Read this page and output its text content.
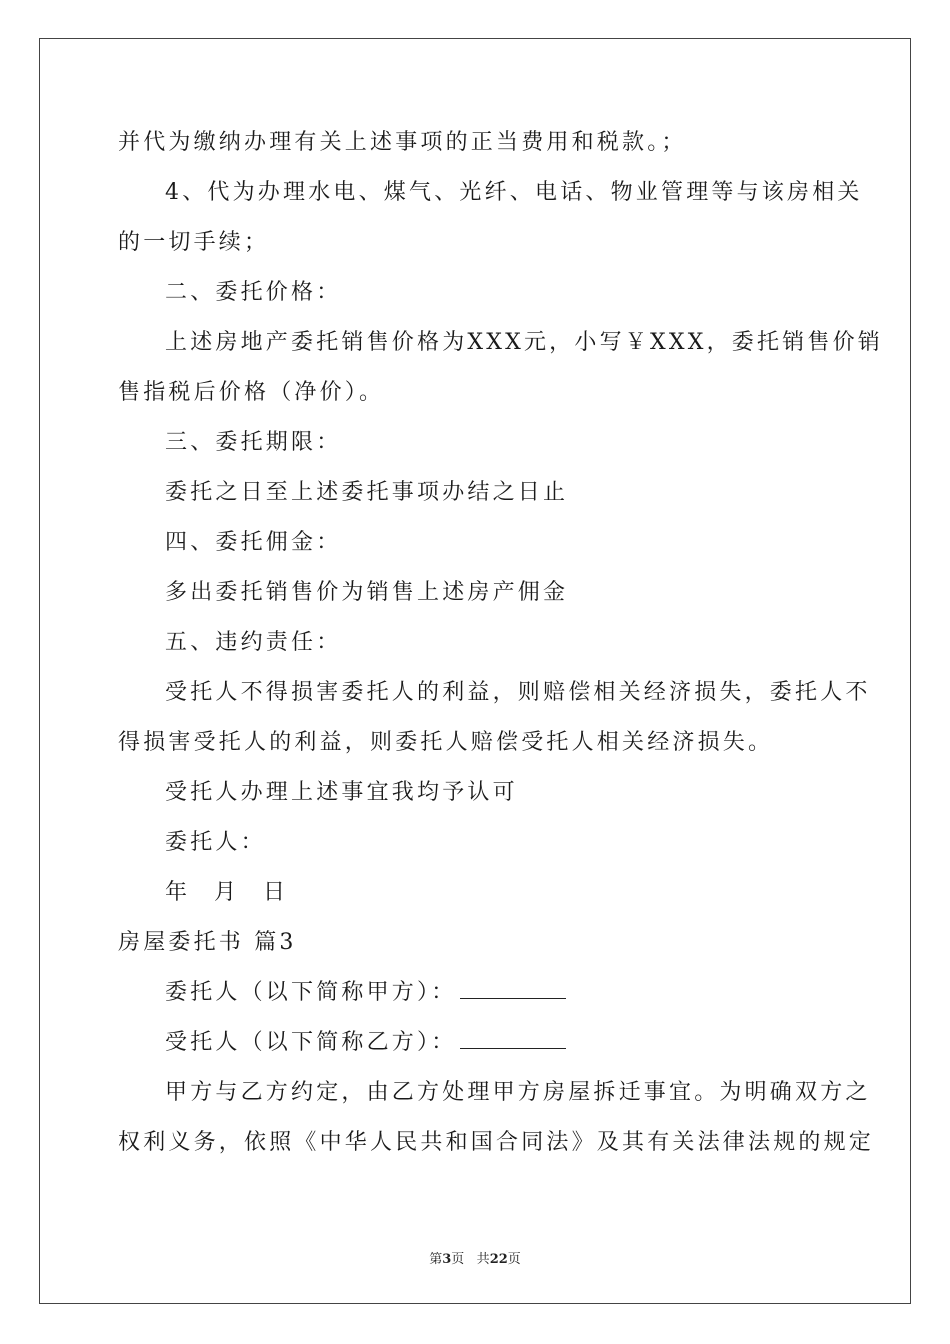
并代为缴纳办理有关上述事项的正当费用和税款。；
4、代为办理水电、煤气、光纤、电话、物业管理等与该房相关
的一切手续；
二、委托价格：
上述房地产委托销售价格为XXX元，小写￥XXX，委托销售价销
售指税后价格（净价）。
三、委托期限：
委托之日至上述委托事项办结之日止
四、委托佣金：
多出委托销售价为销售上述房产佣金
五、违约责任：
受托人不得损害委托人的利益，则赔偿相关经济损失，委托人不
得损害受托人的利益，则委托人赔偿受托人相关经济损失。
受托人办理上述事宜我均予认可
委托人：
年 月 日
房屋委托书 篇3
委托人（以下简称甲方）：
受托人（以下简称乙方）：
甲方与乙方约定，由乙方处理甲方房屋拆迁事宜。为明确双方之
权利义务，依照《中华人民共和国合同法》及其有关法律法规的规定
第3页 共22页
